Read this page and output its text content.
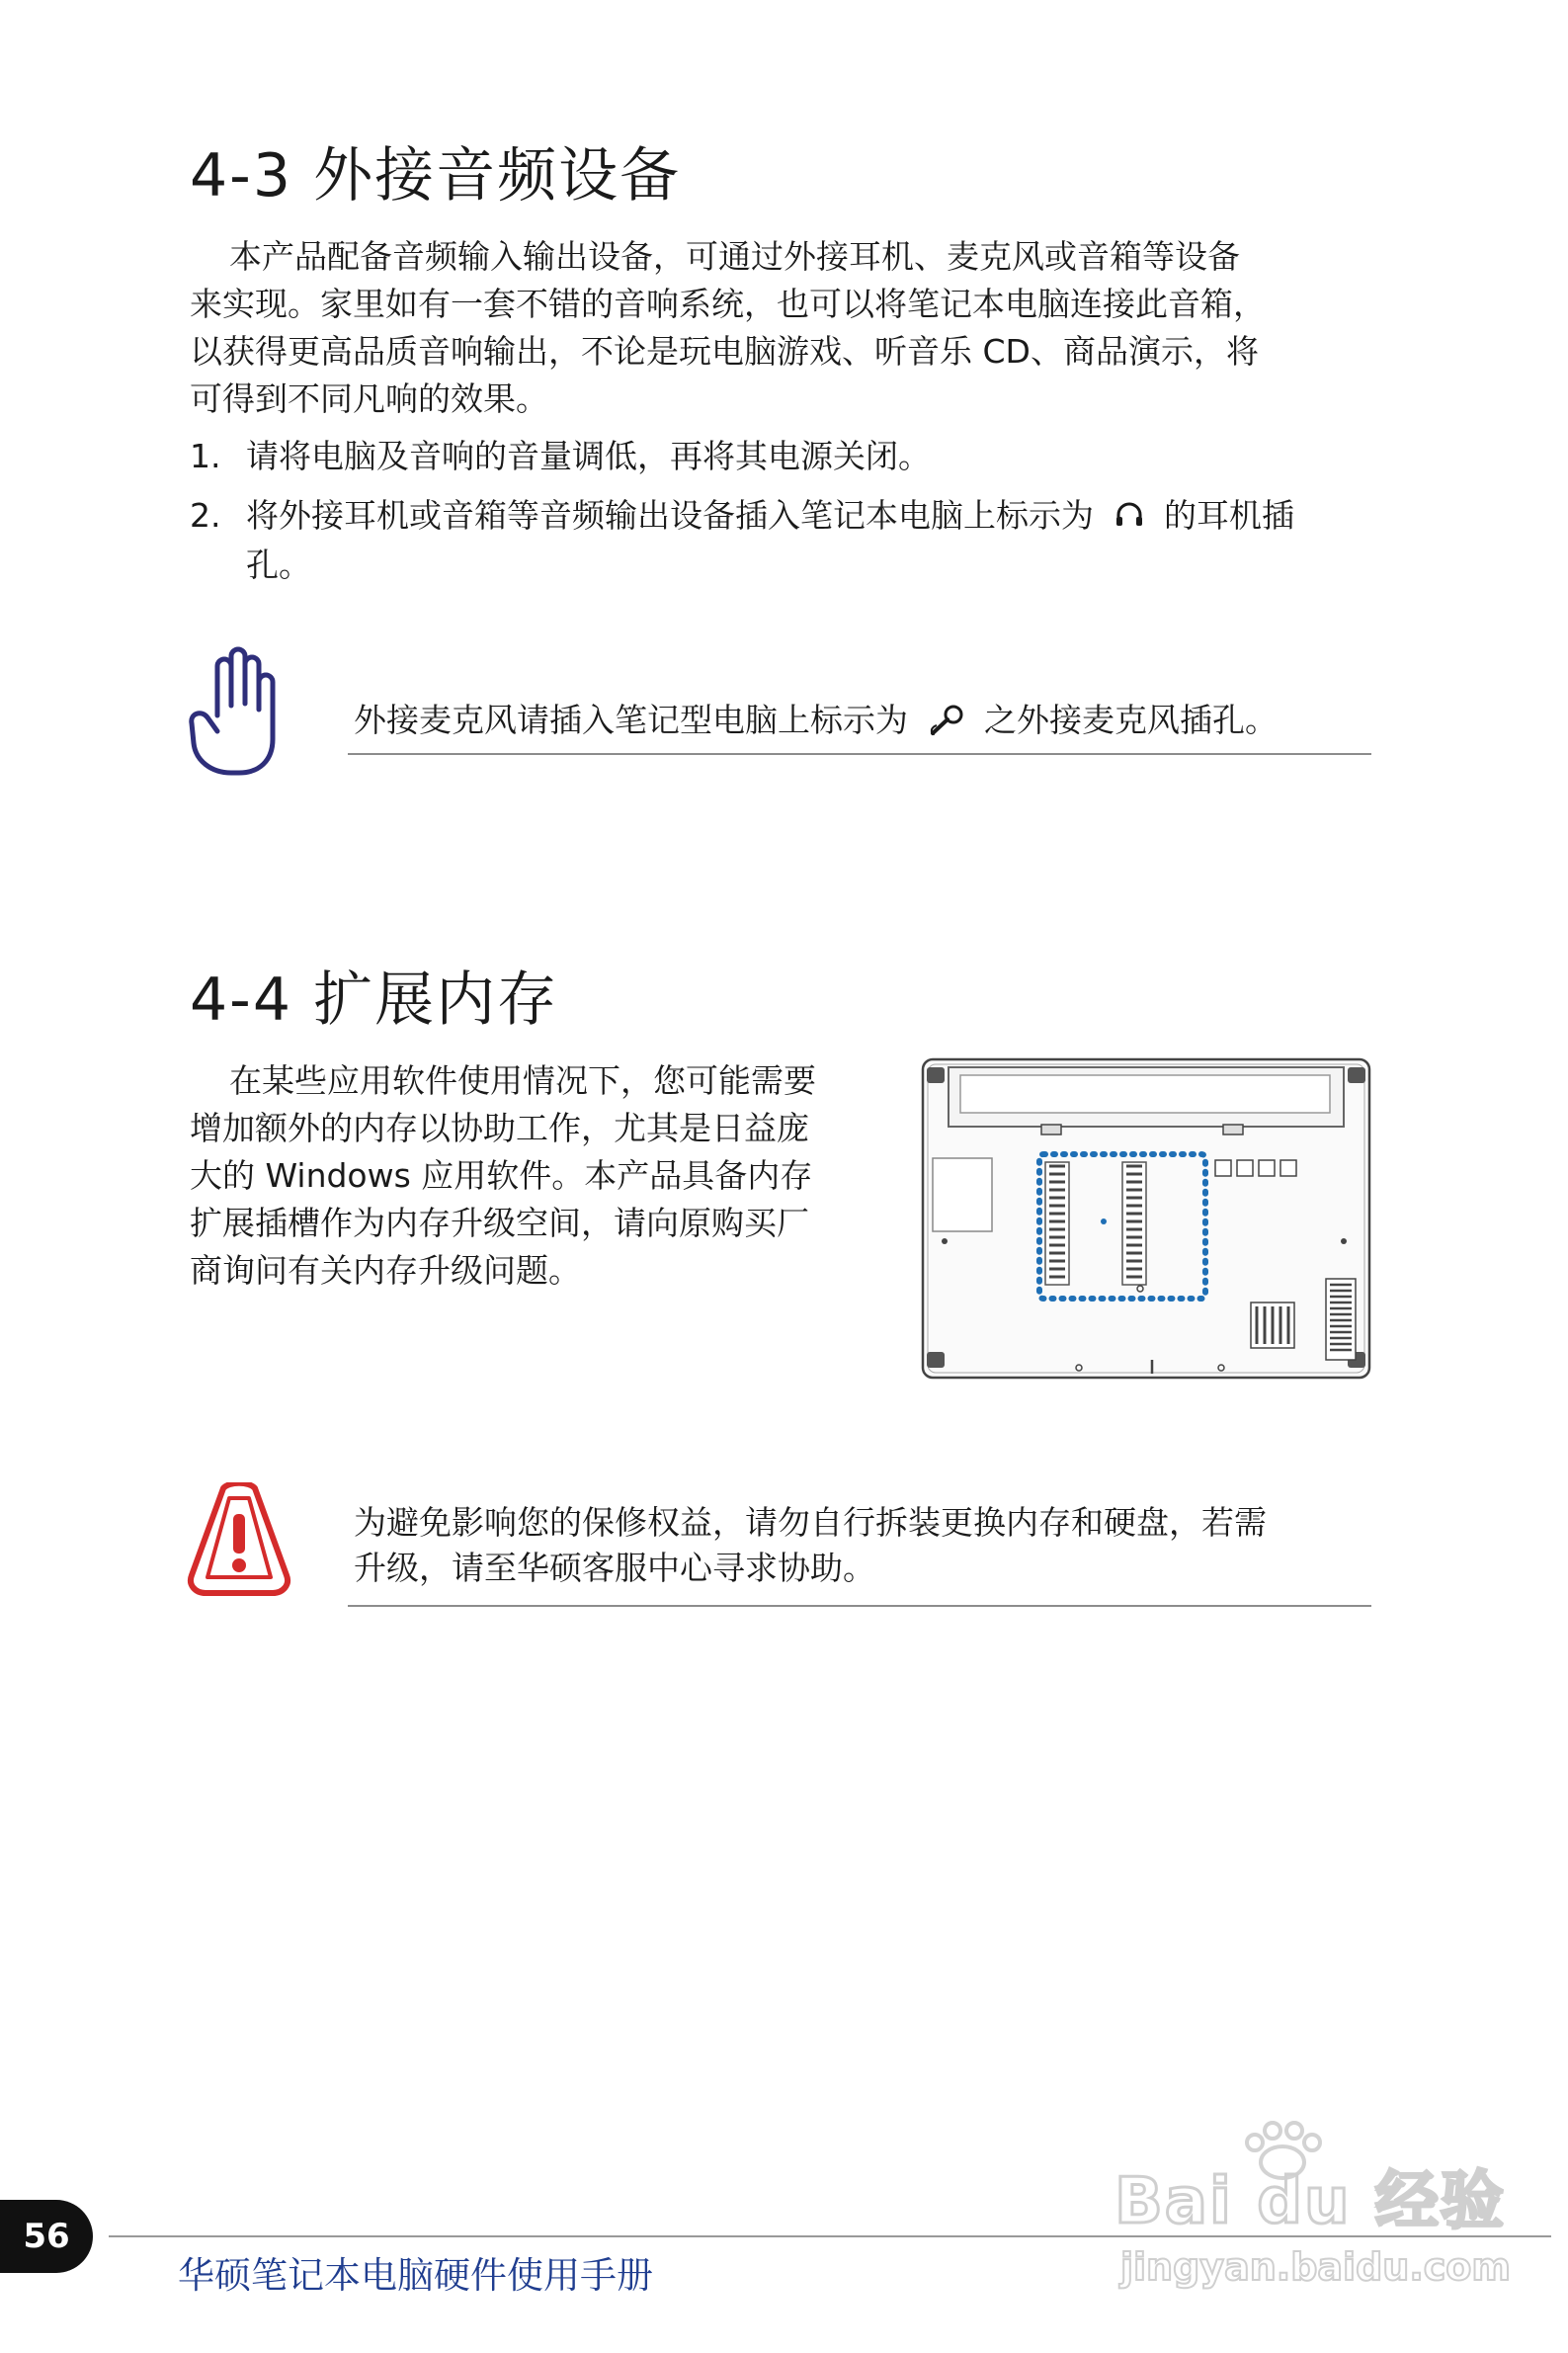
4-3 外接音频设备
本产品配备音频输入输出设备，可通过外接耳机、麦克风或音箱等设备
来实现。家里如有一套不错的音响系统，也可以将笔记本电脑连接此音箱，
以获得更高品质音响输出，不论是玩电脑游戏、听音乐 CD、商品演示，将
可得到不同凡响的效果。
1. 请将电脑及音响的音量调低，再将其电源关闭。
2. 将外接耳机或音箱等音频输出设备插入笔记本电脑上标示为 的耳机插
孔。
外接麦克风请插入笔记型电脑上标示为 之外接麦克风插孔。
4-4 扩展内存
在某些应用软件使用情况下，您可能需要
增加额外的内存以协助工作，尤其是日益庞
大的 Windows 应用软件。本产品具备内存
扩展插槽作为内存升级空间，请向原购买厂
商询问有关内存升级问题。
为避免影响您的保修权益，请勿自行拆装更换内存和硬盘，若需
升级，请至华硕客服中心寻求协助。
56
华硕笔记本电脑硬件使用手册
Bai du 经验
jingyan.baidu.com
